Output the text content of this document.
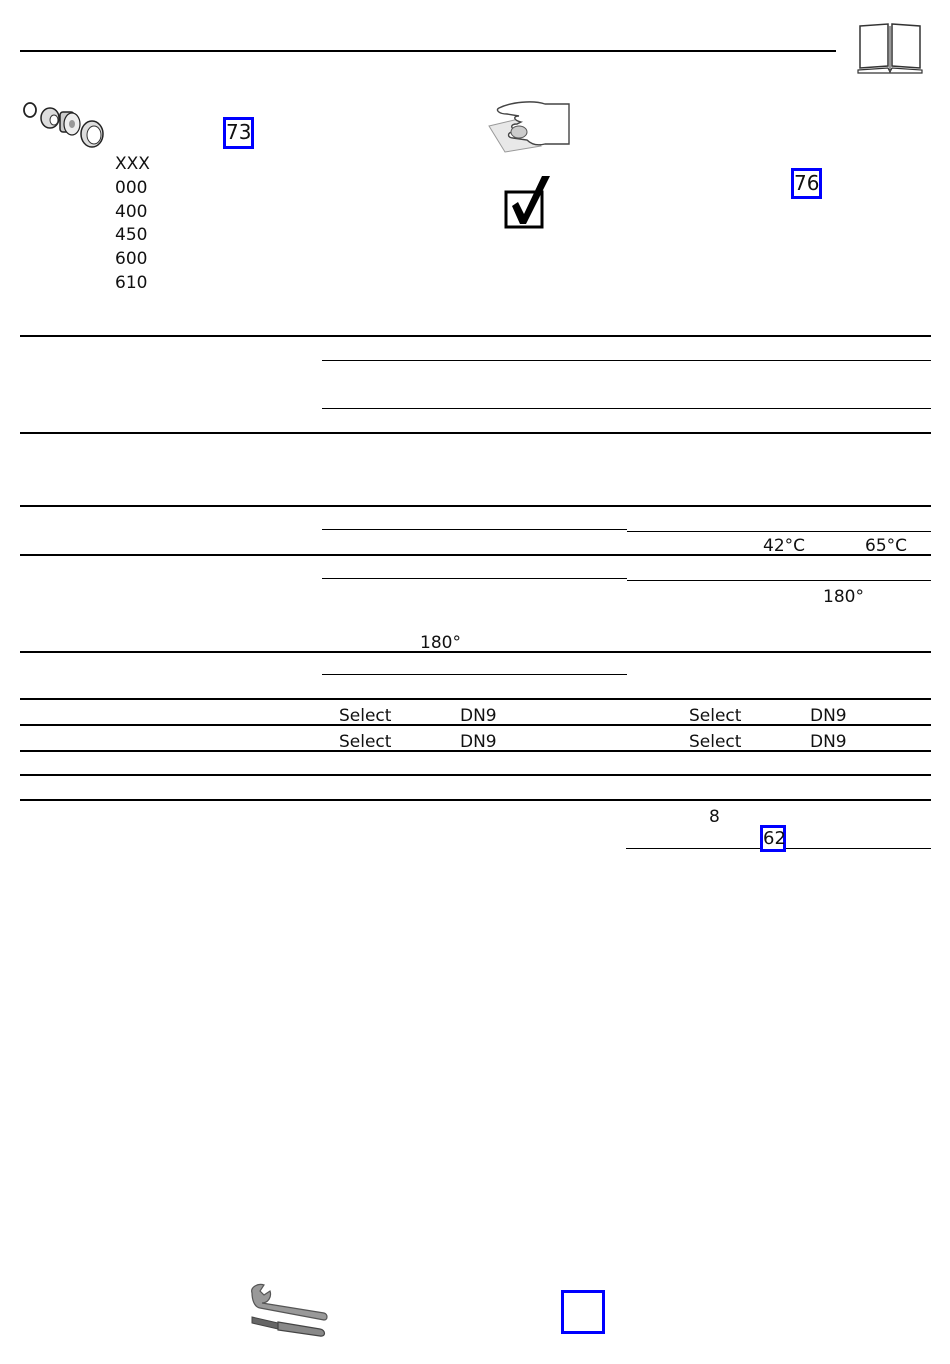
73
XXX
000
400
450
600
610
76
42°C	65°C
180°
180°
Select	DN9	Select	DN9
Select	DN9	Select	DN9
8
62
